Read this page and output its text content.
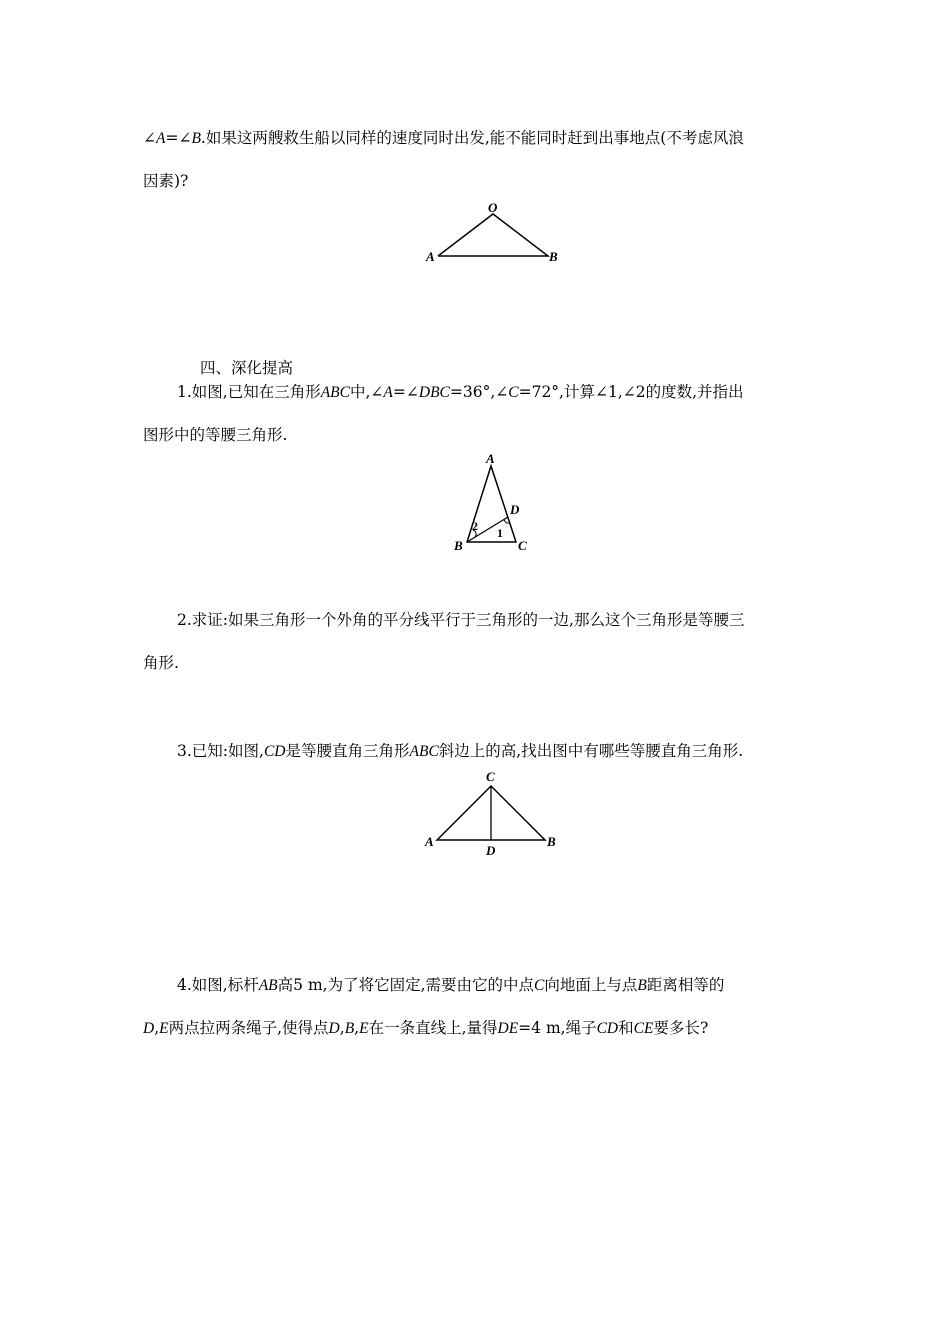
∠A=∠B.如果这两艘救生船以同样的速度同时出发,能不能同时赶到出事地点(不考虑风浪
因素)?
O
A	B
四、深化提高
1.如图,已知在三角形ABC中,∠A=∠DBC=36°,∠C=72°,计算∠1,∠2的度数,并指出
图形中的等腰三角形.
A
B	C
D
2 1
2.求证:如果三角形一个外角的平分线平行于三角形的一边,那么这个三角形是等腰三
角形.
3.已知:如图,CD是等腰直角三角形ABC斜边上的高,找出图中有哪些等腰直角三角形.
C
A	B
D
4.如图,标杆AB高5 m,为了将它固定,需要由它的中点C向地面上与点B距离相等的
D,E两点拉两条绳子,使得点D,B,E在一条直线上,量得DE=4 m,绳子CD和CE要多长?
